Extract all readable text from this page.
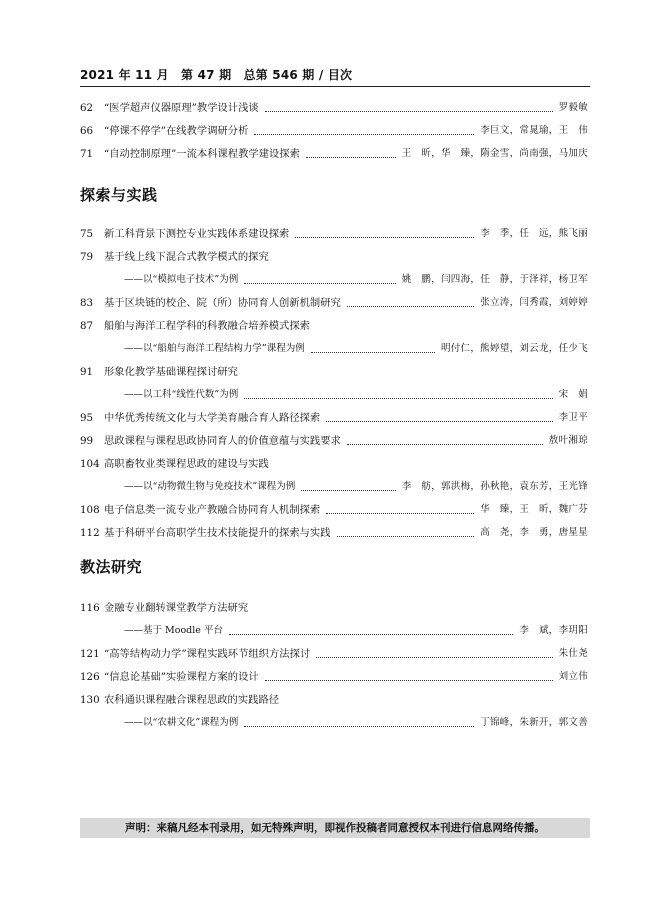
2021 年 11 月　第 47 期　总第 546 期 / 目次
62	“医学超声仪器原理”教学设计浅谈	罗毅敏
66	“停课不停学”在线教学调研分析	李巨文，常晁瑜，王　伟
71	“自动控制原理”一流本科课程教学建设探索	王　昕，华　臻，隋金雪，尚南强，马加庆
探索与实践
75	新工科背景下测控专业实践体系建设探索	李　季，任　远，熊飞丽
79	基于线上线下混合式教学模式的探究
——以“模拟电子技术”为例	姚　鹏，闫四海，任　静，于泽祥，杨卫军
83	基于区块链的校企、院（所）协同育人创新机制研究	张立涛，闫秀霞，刘婷婷
87	船舶与海洋工程学科的科教融合培养模式探索
——以“船舶与海洋工程结构力学”课程为例	明付仁，熊婷望，刘云龙，任少飞
91	形象化教学基础课程探讨研究
——以工科“线性代数”为例	宋　娟
95	中华优秀传统文化与大学美育融合育人路径探索	李卫平
99	思政课程与课程思政协同育人的价值意蕴与实践要求	敖叶湘琼
104 高职畜牧业类课程思政的建设与实践
——以“动物微生物与免疫技术”课程为例	李　舫，郭洪梅，孙秋艳，袁东芳，王光锋
108 电子信息类一流专业产教融合协同育人机制探索	华　臻，王　昕，魏广芬
112 基于科研平台高职学生技术技能提升的探索与实践	高　尧，李　勇，唐星星
教法研究
116 金融专业翻转课堂教学方法研究
——基于 Moodle 平台	李　斌，李玥阳
121 “高等结构动力学”课程实践环节组织方法探讨	朱仕尧
126 “信息论基础”实验课程方案的设计	刘立伟
130 农科通识课程融合课程思政的实践路径
——以“农耕文化”课程为例	丁锦峰，朱新开，郭文善
声明：来稿凡经本刊录用，如无特殊声明，即视作投稿者同意授权本刊进行信息网络传播。
